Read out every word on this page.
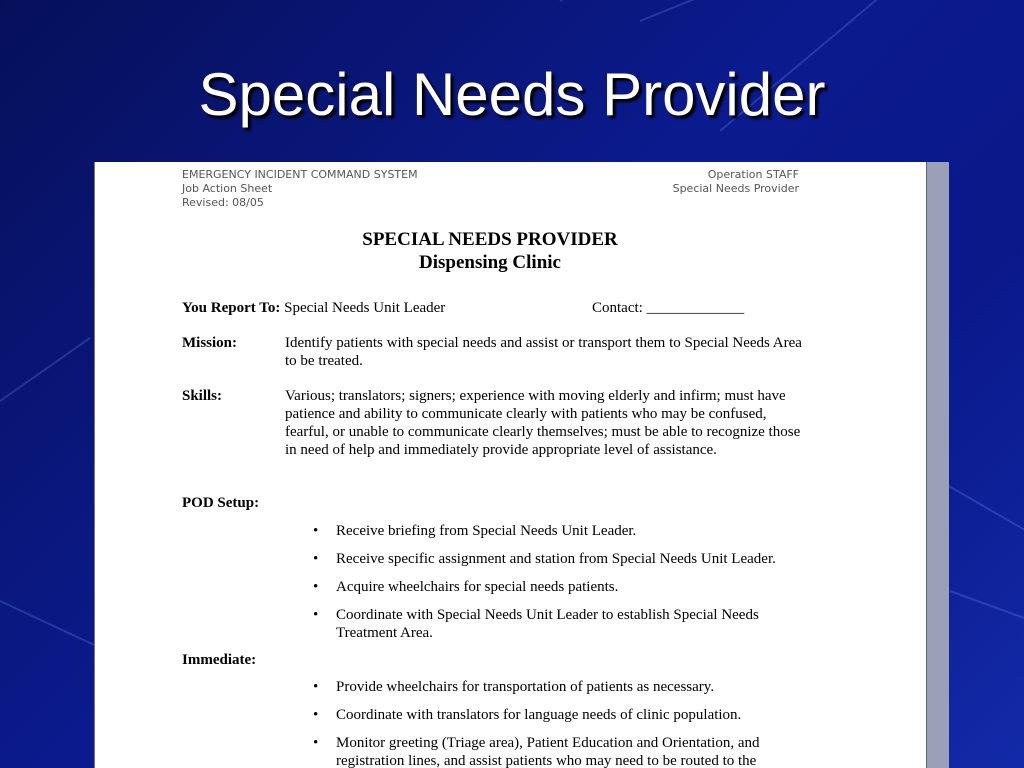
Special Needs Provider
EMERGENCY INCIDENT COMMAND SYSTEM
Job Action Sheet
Revised: 08/05
Operation STAFF
Special Needs Provider
SPECIAL NEEDS PROVIDER
Dispensing Clinic
You Report To: Special Needs Unit Leader	Contact: _____________
Mission:	Identify patients with special needs and assist or transport them to Special Needs Area to be treated.
Skills:	Various; translators; signers; experience with moving elderly and infirm; must have patience and ability to communicate clearly with patients who may be confused, fearful, or unable to communicate clearly themselves; must be able to recognize those in need of help and immediately provide appropriate level of assistance.
POD Setup:
• Receive briefing from Special Needs Unit Leader.
• Receive specific assignment and station from Special Needs Unit Leader.
• Acquire wheelchairs for special needs patients.
• Coordinate with Special Needs Unit Leader to establish Special Needs Treatment Area.
Immediate:
• Provide wheelchairs for transportation of patients as necessary.
• Coordinate with translators for language needs of clinic population.
• Monitor greeting (Triage area), Patient Education and Orientation, and registration lines, and assist patients who may need to be routed to the
